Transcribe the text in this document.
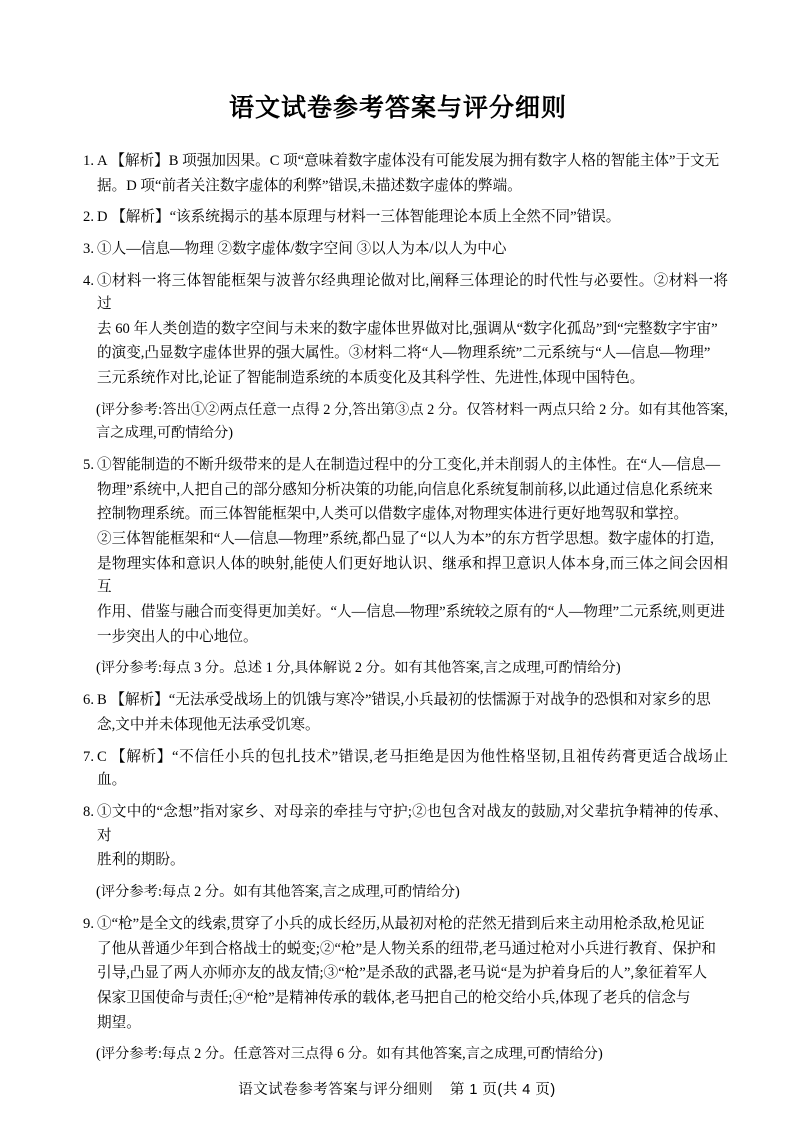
语文试卷参考答案与评分细则
1. A 【解析】B 项强加因果。C 项“意味着数字虚体没有可能发展为拥有数字人格的智能主体”于文无

据。D 项“前者关注数字虚体的利弊”错误,未描述数字虚体的弊端。

2. D 【解析】“该系统揭示的基本原理与材料一三体智能理论本质上全然不同”错误。

3. ①人—信息—物理 ②数字虚体/数字空间 ③以人为本/以人为中心

4. ①材料一将三体智能框架与波普尔经典理论做对比,阐释三体理论的时代性与必要性。②材料一将过

去 60 年人类创造的数字空间与未来的数字虚体世界做对比,强调从“数字化孤岛”到“完整数字宇宙”

的演变,凸显数字虚体世界的强大属性。③材料二将“人—物理系统”二元系统与“人—信息—物理”

三元系统作对比,论证了智能制造系统的本质变化及其科学性、先进性,体现中国特色。

(评分参考:答出①②两点任意一点得 2 分,答出第③点 2 分。仅答材料一两点只给 2 分。如有其他答案,言之成理,可酌情给分)
5. ①智能制造的不断升级带来的是人在制造过程中的分工变化,并未削弱人的主体性。在“人—信息—

物理”系统中,人把自己的部分感知分析决策的功能,向信息化系统复制前移,以此通过信息化系统来

控制物理系统。而三体智能框架中,人类可以借数字虚体,对物理实体进行更好地驾驭和掌控。

②三体智能框架和“人—信息—物理”系统,都凸显了“以人为本”的东方哲学思想。数字虚体的打造,

是物理实体和意识人体的映射,能使人们更好地认识、继承和捍卫意识人体本身,而三体之间会因相互

作用、借鉴与融合而变得更加美好。“人—信息—物理”系统较之原有的“人—物理”二元系统,则更进

一步突出人的中心地位。

(评分参考:每点 3 分。总述 1 分,具体解说 2 分。如有其他答案,言之成理,可酌情给分)
6. B 【解析】“无法承受战场上的饥饿与寒冷”错误,小兵最初的怯懦源于对战争的恐惧和对家乡的思

念,文中并未体现他无法承受饥寒。

7. C 【解析】“不信任小兵的包扎技术”错误,老马拒绝是因为他性格坚韧,且祖传药膏更适合战场止血。

8. ①文中的“念想”指对家乡、对母亲的牵挂与守护;②也包含对战友的鼓励,对父辈抗争精神的传承、对

胜利的期盼。

(评分参考:每点 2 分。如有其他答案,言之成理,可酌情给分)
9. ①“枪”是全文的线索,贯穿了小兵的成长经历,从最初对枪的茫然无措到后来主动用枪杀敌,枪见证

了他从普通少年到合格战士的蜕变;②“枪”是人物关系的纽带,老马通过枪对小兵进行教育、保护和

引导,凸显了两人亦师亦友的战友情;③“枪”是杀敌的武器,老马说“是为护着身后的人”,象征着军人

保家卫国使命与责任;④“枪”是精神传承的载体,老马把自己的枪交给小兵,体现了老兵的信念与

期望。

(评分参考:每点 2 分。任意答对三点得 6 分。如有其他答案,言之成理,可酌情给分)
语文试卷参考答案与评分细则 第 1 页(共 4 页)
